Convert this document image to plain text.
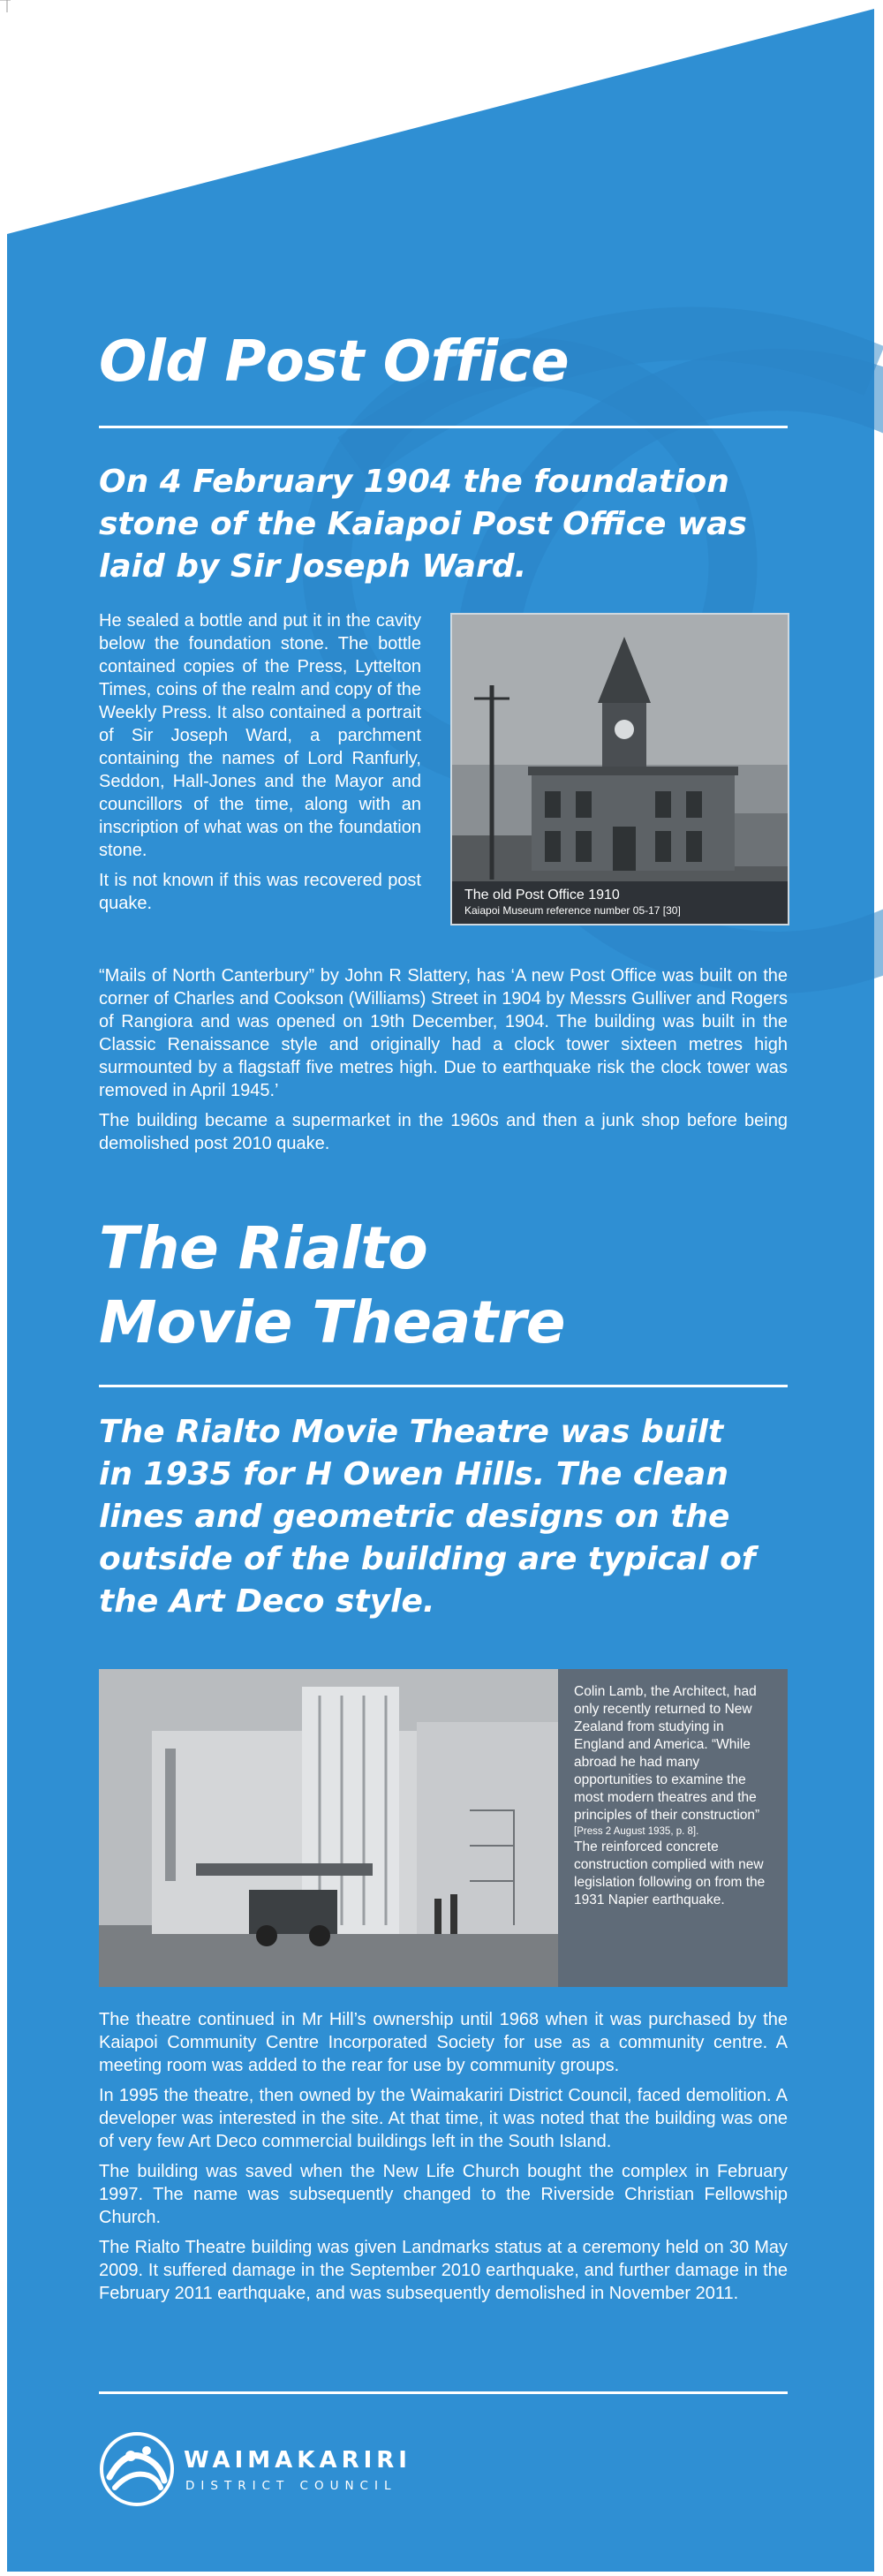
Old Post Office
On 4 February 1904 the foundation
stone of the Kaiapoi Post Office was
laid by Sir Joseph Ward.

He sealed a bottle and put it in the cavity below the foundation stone. The bottle contained copies of the Press, Lyttelton Times, coins of the realm and copy of the Weekly Press. It also contained a portrait of Sir Joseph Ward, a parchment containing the names of Lord Ranfurly, Seddon, Hall-Jones and the Mayor and councillors of the time, along with an inscription of what was on the foundation stone.

It is not known if this was recovered post quake.	The old Post Office 1910
Kaiapoi Museum reference number 05-17 [30]

“Mails of North Canterbury” by John R Slattery, has ‘A new Post Office was built on the corner of Charles and Cookson (Williams) Street in 1904 by Messrs Gulliver and Rogers of Rangiora and was opened on 19th December, 1904. The building was built in the Classic Renaissance style and originally had a clock tower sixteen metres high surmounted by a flagstaff five metres high. Due to earthquake risk the clock tower was removed in April 1945.’

The building became a supermarket in the 1960s and then a junk shop before being demolished post 2010 quake.

The Rialto
Movie Theatre
The Rialto Movie Theatre was built
in 1935 for H Owen Hills. The clean
lines and geometric designs on the
outside of the building are typical of
the Art Deco style.

Colin Lamb, the Architect, had only recently returned to New Zealand from studying in England and America. “While abroad he had many opportunities to examine the most modern theatres and the principles of their construction”

[Press 2 August 1935, p. 8].

The reinforced concrete construction complied with new legislation following on from the 1931 Napier earthquake.

The theatre continued in Mr Hill’s ownership until 1968 when it was purchased by the Kaiapoi Community Centre Incorporated Society for use as a community centre. A meeting room was added to the rear for use by community groups.

In 1995 the theatre, then owned by the Waimakariri District Council, faced demolition. A developer was interested in the site. At that time, it was noted that the building was one of very few Art Deco commercial buildings left in the South Island.

The building was saved when the New Life Church bought the complex in February 1997. The name was subsequently changed to the Riverside Christian Fellowship Church.

The Rialto Theatre building was given Landmarks status at a ceremony held on 30 May 2009. It suffered damage in the September 2010 earthquake, and further damage in the February 2011 earthquake, and was subsequently demolished in November 2011.

WAIMAKARIRI
DISTRICT COUNCIL
